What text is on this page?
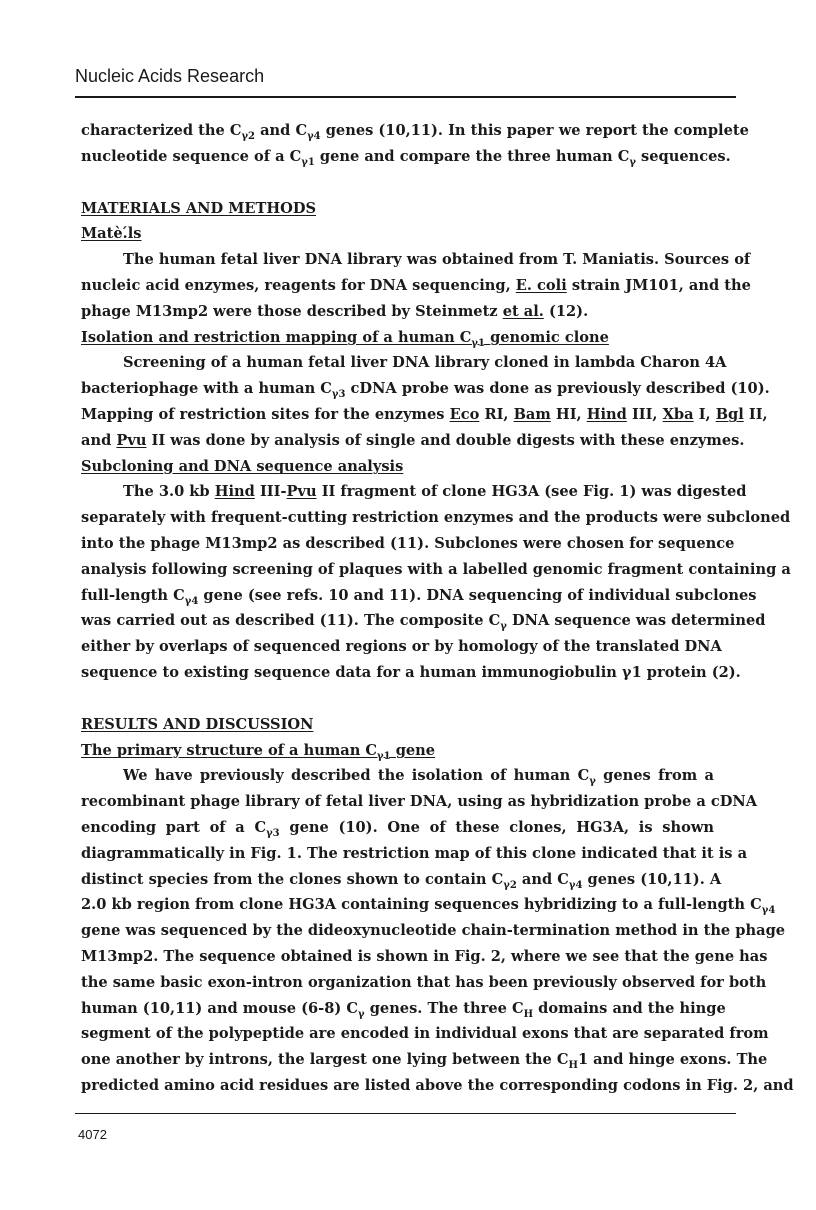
Nucleic Acids Research
characterized the $C_{\gamma 2}$ and $C_{\gamma 4}$ genes (10,11). In this paper we report the complete
nucleotide sequence of a $C_{\gamma 1}$ gene and compare the three human $C_\gamma$ sequences.
MATERIALS AND METHODS
Matè.́ls
The human fetal liver DNA library was obtained from T. Maniatis. Sources of
nucleic acid enzymes, reagents for DNA sequencing, E. coli strain JM101, and the
phage M13mp2 were those described by Steinmetz et al. (12).
Isolation and restriction mapping of a human $C_{\gamma 1}$ genomic clone
Screening of a human fetal liver DNA library cloned in lambda Charon 4A
bacteriophage with a human $C_{\gamma 3}$ cDNA probe was done as previously described (10).
Mapping of restriction sites for the enzymes Eco RI, Bam HI, Hind III, Xba I, Bgl II,
and Pvu II was done by analysis of single and double digests with these enzymes.
Subcloning and DNA sequence analysis
The 3.0 kb Hind III-Pvu II fragment of clone HG3A (see Fig. 1) was digested
separately with frequent-cutting restriction enzymes and the products were subcloned
into the phage M13mp2 as described (11). Subclones were chosen for sequence
analysis following screening of plaques with a labelled genomic fragment containing a
full-length $C_{\gamma 4}$ gene (see refs. 10 and 11). DNA sequencing of individual subclones
was carried out as described (11). The composite $C_\gamma$ DNA sequence was determined
either by overlaps of sequenced regions or by homology of the translated DNA
sequence to existing sequence data for a human immunogiobulin γ1 protein (2).
RESULTS AND DISCUSSION
The primary structure of a human $C_{\gamma 1}$ gene
We have previously described the isolation of human $C_\gamma$ genes from a
recombinant phage library of fetal liver DNA, using as hybridization probe a cDNA
encoding part of a $C_{\gamma 3}$ gene (10). One of these clones, HG3A, is shown
diagrammatically in Fig. 1. The restriction map of this clone indicated that it is a
distinct species from the clones shown to contain $C_{\gamma 2}$ and $C_{\gamma 4}$ genes (10,11). A
2.0 kb region from clone HG3A containing sequences hybridizing to a full-length $C_{\gamma 4}$
gene was sequenced by the dideoxynucleotide chain-termination method in the phage
M13mp2. The sequence obtained is shown in Fig. 2, where we see that the gene has
the same basic exon-intron organization that has been previously observed for both
human (10,11) and mouse (6-8) $C_\gamma$ genes. The three $C_H$ domains and the hinge
segment of the polypeptide are encoded in individual exons that are separated from
one another by introns, the largest one lying between the $C_H1$ and hinge exons. The
predicted amino acid residues are listed above the corresponding codons in Fig. 2, and
4072
